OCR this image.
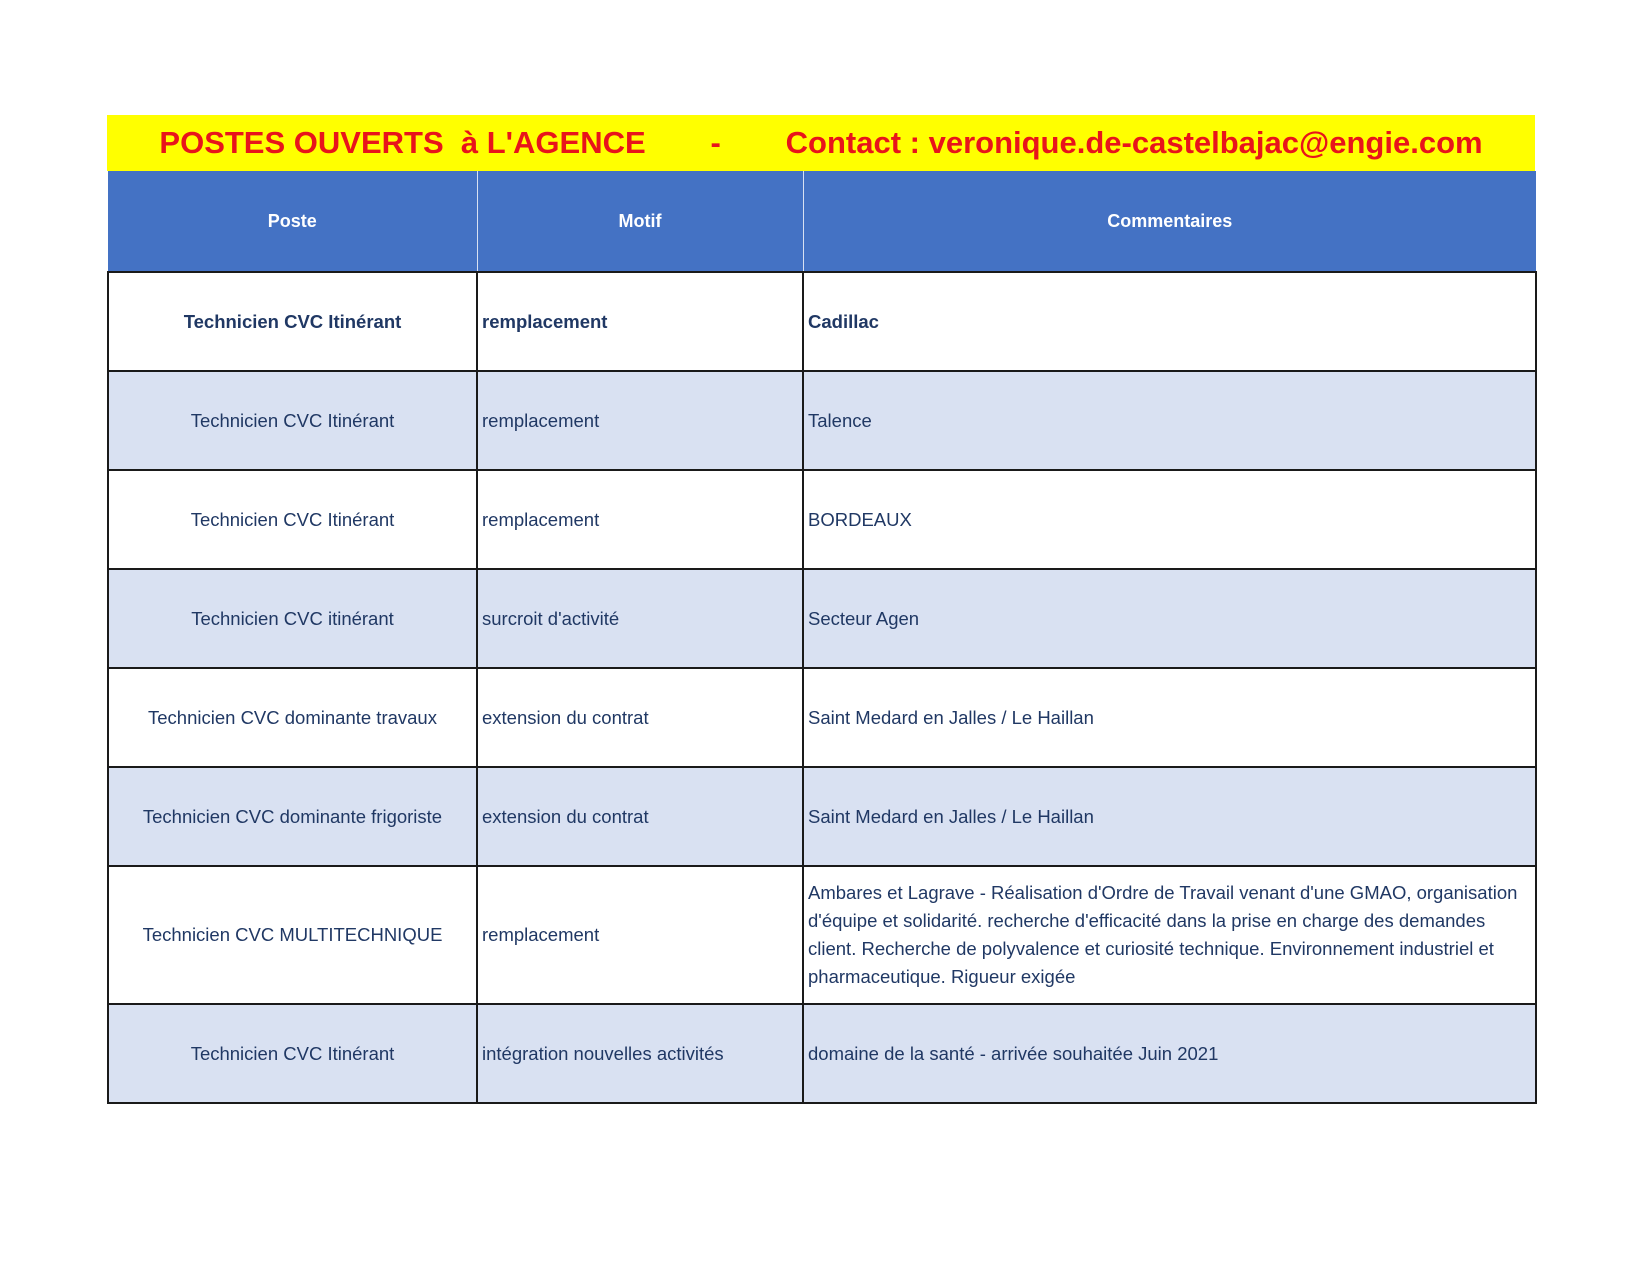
POSTES OUVERTS  à L'AGENCE	-	Contact : veronique.de-castelbajac@engie.com
Poste	Motif	Commentaires
Technicien CVC Itinérant	remplacement	Cadillac
Technicien CVC Itinérant	remplacement	Talence
Technicien CVC Itinérant	remplacement	BORDEAUX
Technicien CVC itinérant	surcroit d'activité	Secteur Agen
Technicien CVC dominante travaux	extension du contrat	Saint Medard en Jalles / Le Haillan
Technicien CVC dominante frigoriste	extension du contrat	Saint Medard en Jalles / Le Haillan
Technicien CVC MULTITECHNIQUE	remplacement	Ambares et Lagrave - Réalisation d'Ordre de Travail venant d'une GMAO, organisation d'équipe et solidarité. recherche d'efficacité dans la prise en charge des demandes client. Recherche de polyvalence et curiosité technique. Environnement industriel et pharmaceutique. Rigueur exigée
Technicien CVC Itinérant	intégration nouvelles activités	domaine de la santé - arrivée souhaitée Juin 2021
